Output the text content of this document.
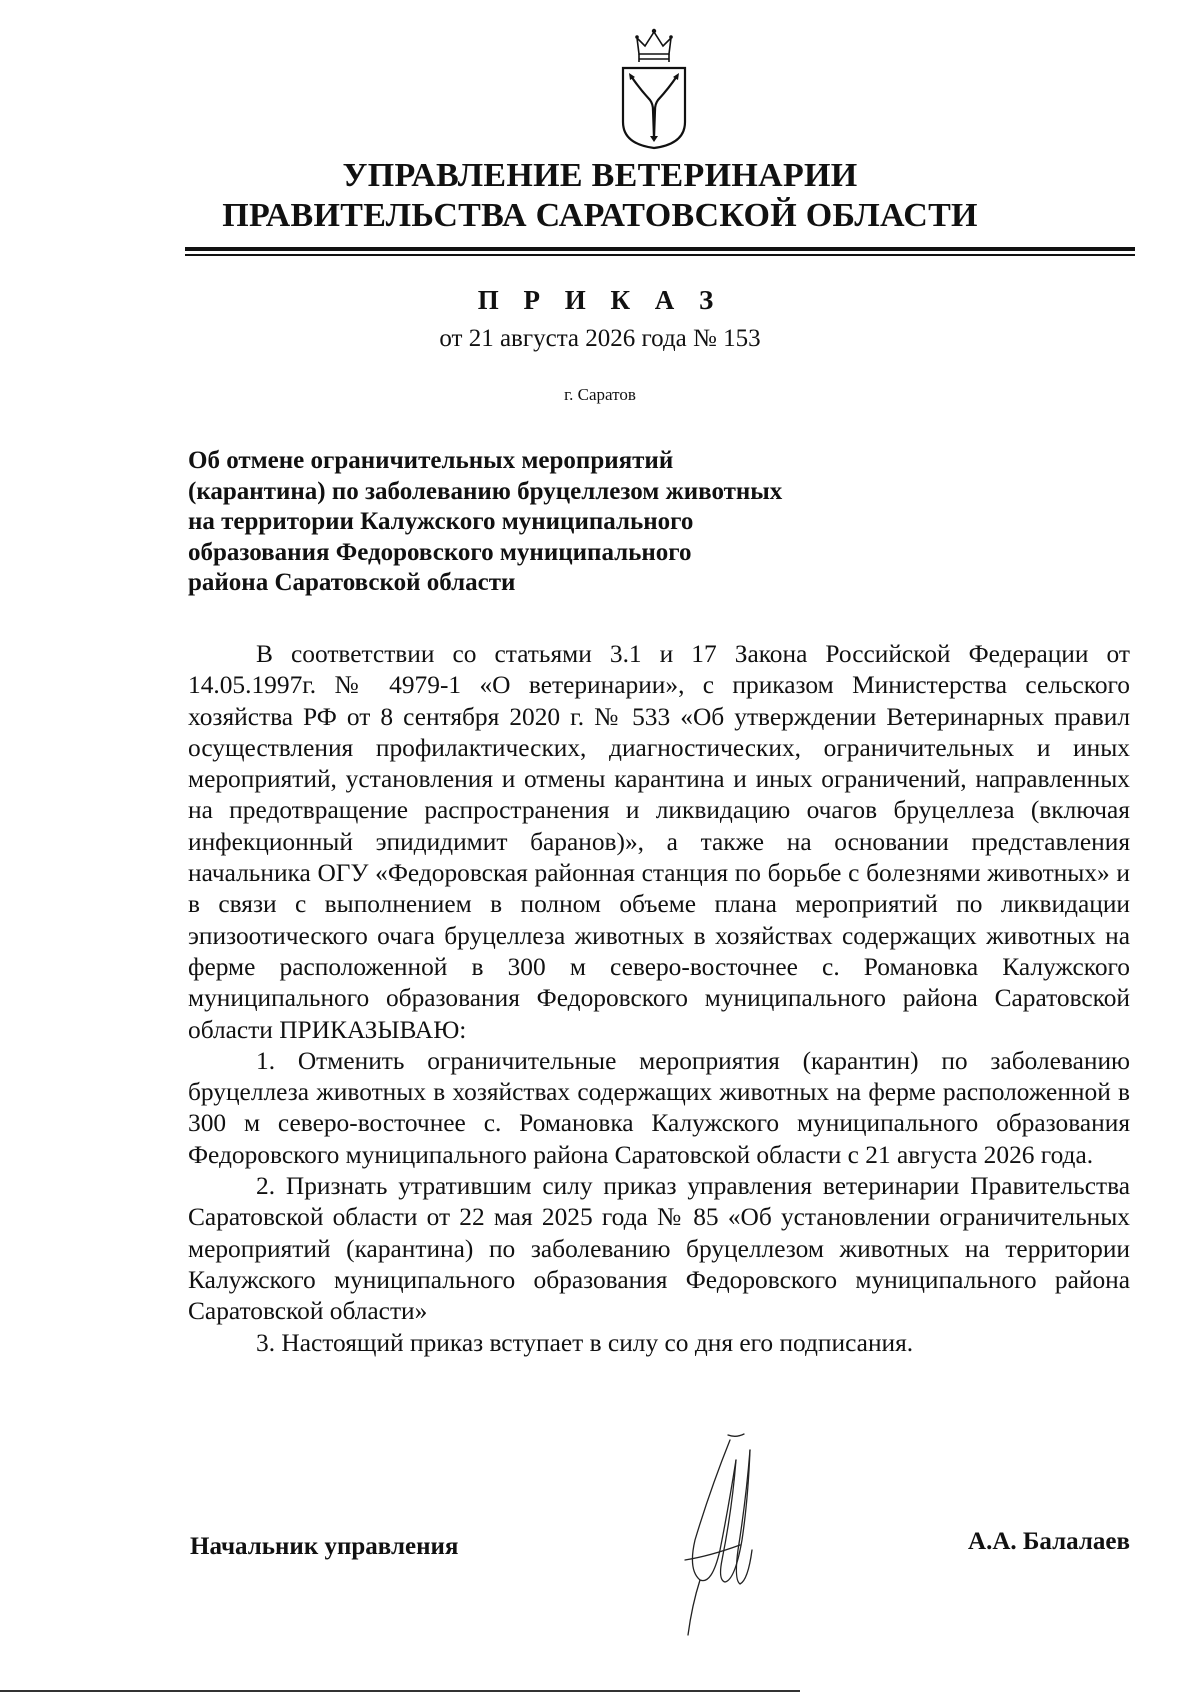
УПРАВЛЕНИЕ ВЕТЕРИНАРИИ
ПРАВИТЕЛЬСТВА САРАТОВСКОЙ ОБЛАСТИ
П Р И К А З
от 21 августа 2026 года № 153
г. Саратов
Об отмене ограничительных мероприятий
(карантина) по заболеванию бруцеллезом животных
на территории Калужского муниципального
образования Федоровского муниципального
района Саратовской области

В соответствии со статьями 3.1 и 17 Закона Российской Федерации от 14.05.1997г. № 4979-1 «О ветеринарии», с приказом Министерства сельского хозяйства РФ от 8 сентября 2020 г. № 533 «Об утверждении Ветеринарных правил осуществления профилактических, диагностических, ограничительных и иных мероприятий, установления и отмены карантина и иных ограничений, направленных на предотвращение распространения и ликвидацию очагов бруцеллеза (включая инфекционный эпидидимит баранов)», а также на основании представления начальника ОГУ «Федоровская районная станция по борьбе с болезнями животных» и в связи с выполнением в полном объеме плана мероприятий по ликвидации эпизоотического очага бруцеллеза животных в хозяйствах содержащих животных на ферме расположенной в 300 м северо-восточнее с. Романовка Калужского муниципального образования Федоровского муниципального района Саратовской области ПРИКАЗЫВАЮ:

1. Отменить ограничительные мероприятия (карантин) по заболеванию бруцеллеза животных в хозяйствах содержащих животных на ферме расположенной в 300 м северо-восточнее с. Романовка Калужского муниципального образования Федоровского муниципального района Саратовской области с 21 августа 2026 года.

2. Признать утратившим силу приказ управления ветеринарии Правительства Саратовской области от 22 мая 2025 года № 85 «Об установлении ограничительных мероприятий (карантина) по заболеванию бруцеллезом животных на территории Калужского муниципального образования Федоровского муниципального района Саратовской области»

3. Настоящий приказ вступает в силу со дня его подписания.

Начальник управления	А.А. Балалаев
